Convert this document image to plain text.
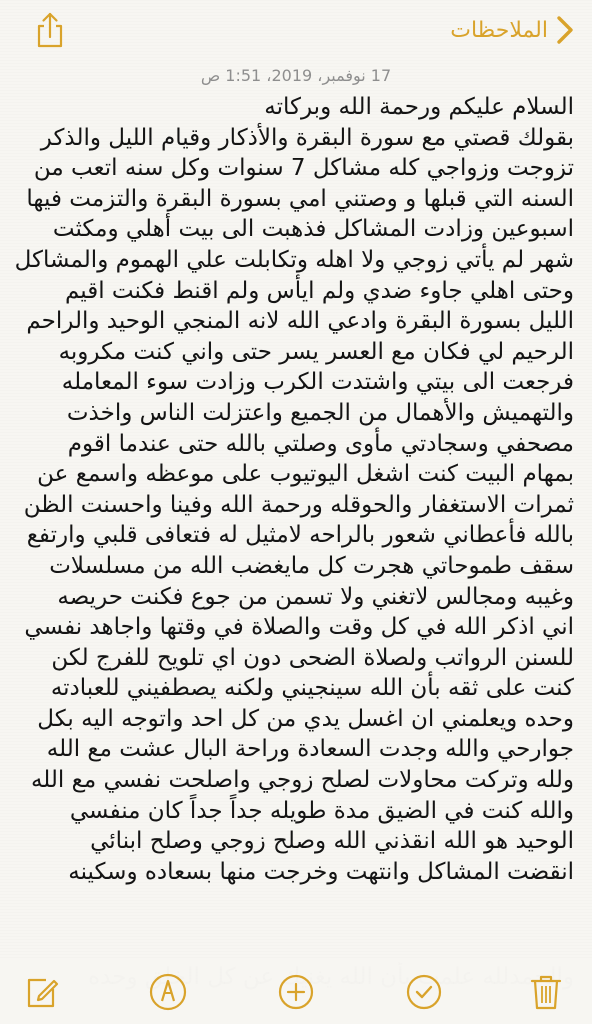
الملاحظات
17 نوفمبر، 2019، 1:51 ص
السلام عليكم ورحمة الله وبركاته
بقولك قصتي مع سورة البقرة والأذكار وقيام الليل والذكر
تزوجت وزواجي كله مشاكل 7 سنوات وكل سنه اتعب من
السنه التي قبلها و وصتني امي بسورة البقرة والتزمت فيها
اسبوعين وزادت المشاكل فذهبت الى بيت أهلي ومكثت
شهر لم يأتي زوجي ولا اهله وتكابلت علي الهموم والمشاكل
وحتى اهلي جاوء ضدي ولم ايأس ولم اقنط فكنت اقيم
الليل بسورة البقرة وادعي الله لانه المنجي الوحيد والراحم
الرحيم لي فكان مع العسر يسر حتى واني كنت مكروبه
فرجعت الى بيتي واشتدت الكرب وزادت سوء المعامله
والتهميش والأهمال من الجميع واعتزلت الناس واخذت
مصحفي وسجادتي مأوى وصلتي بالله حتى عندما اقوم
بمهام البيت كنت اشغل اليوتيوب على موعظه واسمع عن
ثمرات الاستغفار والحوقله ورحمة الله وفينا واحسنت الظن
بالله فأعطاني شعور بالراحه لامثيل له فتعافى قلبي وارتفع
سقف طموحاتي هجرت كل مايغضب الله من مسلسلات
وغيبه ومجالس لاتغني ولا تسمن من جوع فكنت حريصه
اني اذكر الله في كل وقت والصلاة في وقتها واجاهد نفسي
للسنن الرواتب ولصلاة الضحى دون اي تلويح للفرج لكن
كنت على ثقه بأن الله سينجيني ولكنه يصطفيني للعبادته
وحده ويعلمني ان اغسل يدي من كل احد واتوجه اليه بكل
جوارحي والله وجدت السعادة وراحة البال عشت مع الله
ولله وتركت محاولات لصلح زوجي واصلحت نفسي مع الله
والله كنت في الضيق مدة طويله جداً جداً كان منفسي
الوحيد هو الله انقذني الله وصلح زوجي وصلح ابنائي
انقضت المشاكل وانتهت وخرجت منها بسعاده وسكينه
